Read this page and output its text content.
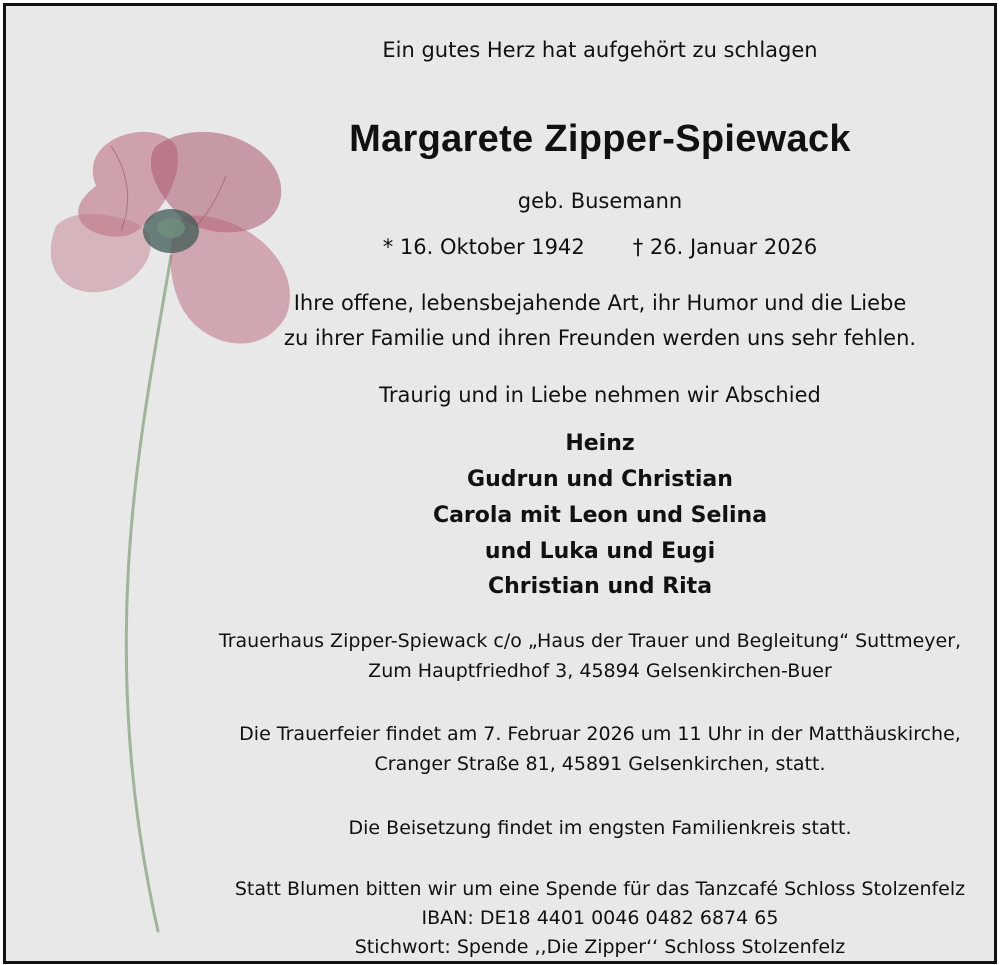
Ein gutes Herz hat aufgehört zu schlagen
Margarete Zipper-Spiewack
geb. Busemann
* 16. Oktober 1942 † 26. Januar 2026
Ihre offene, lebensbejahende Art, ihr Humor und die Liebe
zu ihrer Familie und ihren Freunden werden uns sehr fehlen.
Traurig und in Liebe nehmen wir Abschied
Heinz
Gudrun und Christian
Carola mit Leon und Selina
und Luka und Eugi
Christian und Rita
Trauerhaus Zipper-Spiewack c/o „Haus der Trauer und Begleitung“ Suttmeyer,
Zum Hauptfriedhof 3, 45894 Gelsenkirchen-Buer
Die Trauerfeier findet am 7. Februar 2026 um 11 Uhr in der Matthäuskirche,
Cranger Straße 81, 45891 Gelsenkirchen, statt.
Die Beisetzung findet im engsten Familienkreis statt.
Statt Blumen bitten wir um eine Spende für das Tanzcafé Schloss Stolzenfelz
IBAN: DE18 4401 0046 0482 6874 65
Stichwort: Spende ,,Die Zipper‘‘ Schloss Stolzenfelz
